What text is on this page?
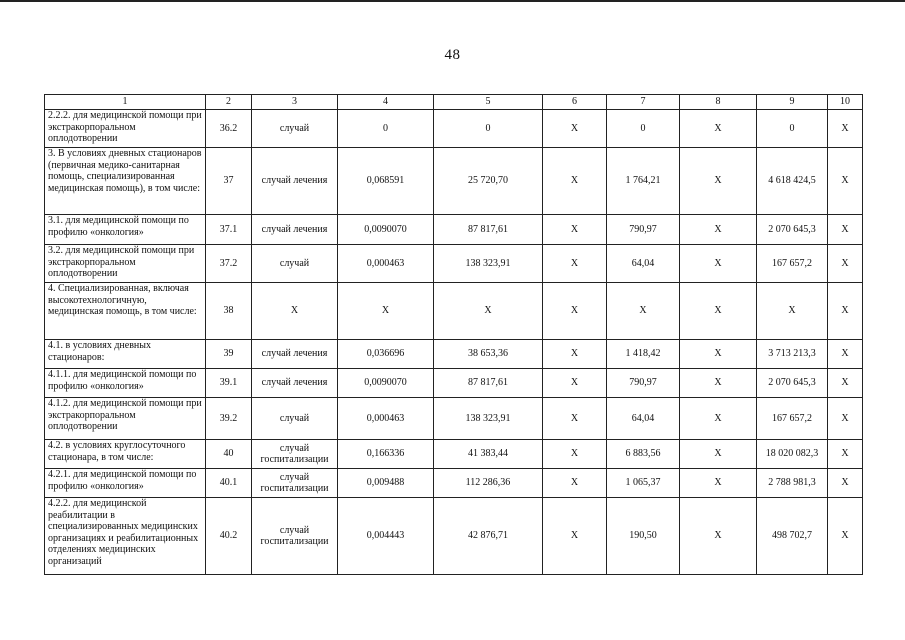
48
1	2	3	4	5	6	7	8	9	10
2.2.2. для медицинской помощи при экстракорпоральном оплодотворении	36.2	случай	0	0	Х	0	Х	0	Х
3. В условиях дневных стационаров (первичная медико-санитарная помощь, специализированная медицинская помощь), в том числе:	37	случай лечения	0,068591	25 720,70	Х	1 764,21	Х	4 618 424,5	Х
3.1. для медицинской помощи по профилю «онкология»	37.1	случай лечения	0,0090070	87 817,61	Х	790,97	Х	2 070 645,3	Х
3.2. для медицинской помощи при экстракорпоральном оплодотворении	37.2	случай	0,000463	138 323,91	Х	64,04	Х	167 657,2	Х
4. Специализированная, включая высокотехнологичную, медицинская помощь, в том числе:	38	Х	Х	Х	Х	Х	Х	Х	Х
4.1. в условиях дневных стационаров:	39	случай лечения	0,036696	38 653,36	Х	1 418,42	Х	3 713 213,3	Х
4.1.1. для медицинской помощи по профилю «онкология»	39.1	случай лечения	0,0090070	87 817,61	Х	790,97	Х	2 070 645,3	Х
4.1.2. для медицинской помощи при экстракорпоральном оплодотворении	39.2	случай	0,000463	138 323,91	Х	64,04	Х	167 657,2	Х
4.2. в условиях круглосуточного стационара, в том числе:	40	случай госпитализации	0,166336	41 383,44	Х	6 883,56	Х	18 020 082,3	Х
4.2.1. для медицинской помощи по профилю «онкология»	40.1	случай госпитализации	0,009488	112 286,36	Х	1 065,37	Х	2 788 981,3	Х
4.2.2. для медицинской реабилитации в специализированных медицинских организациях и реабилитационных отделениях медицинских организаций	40.2	случай госпитализации	0,004443	42 876,71	Х	190,50	Х	498 702,7	Х
